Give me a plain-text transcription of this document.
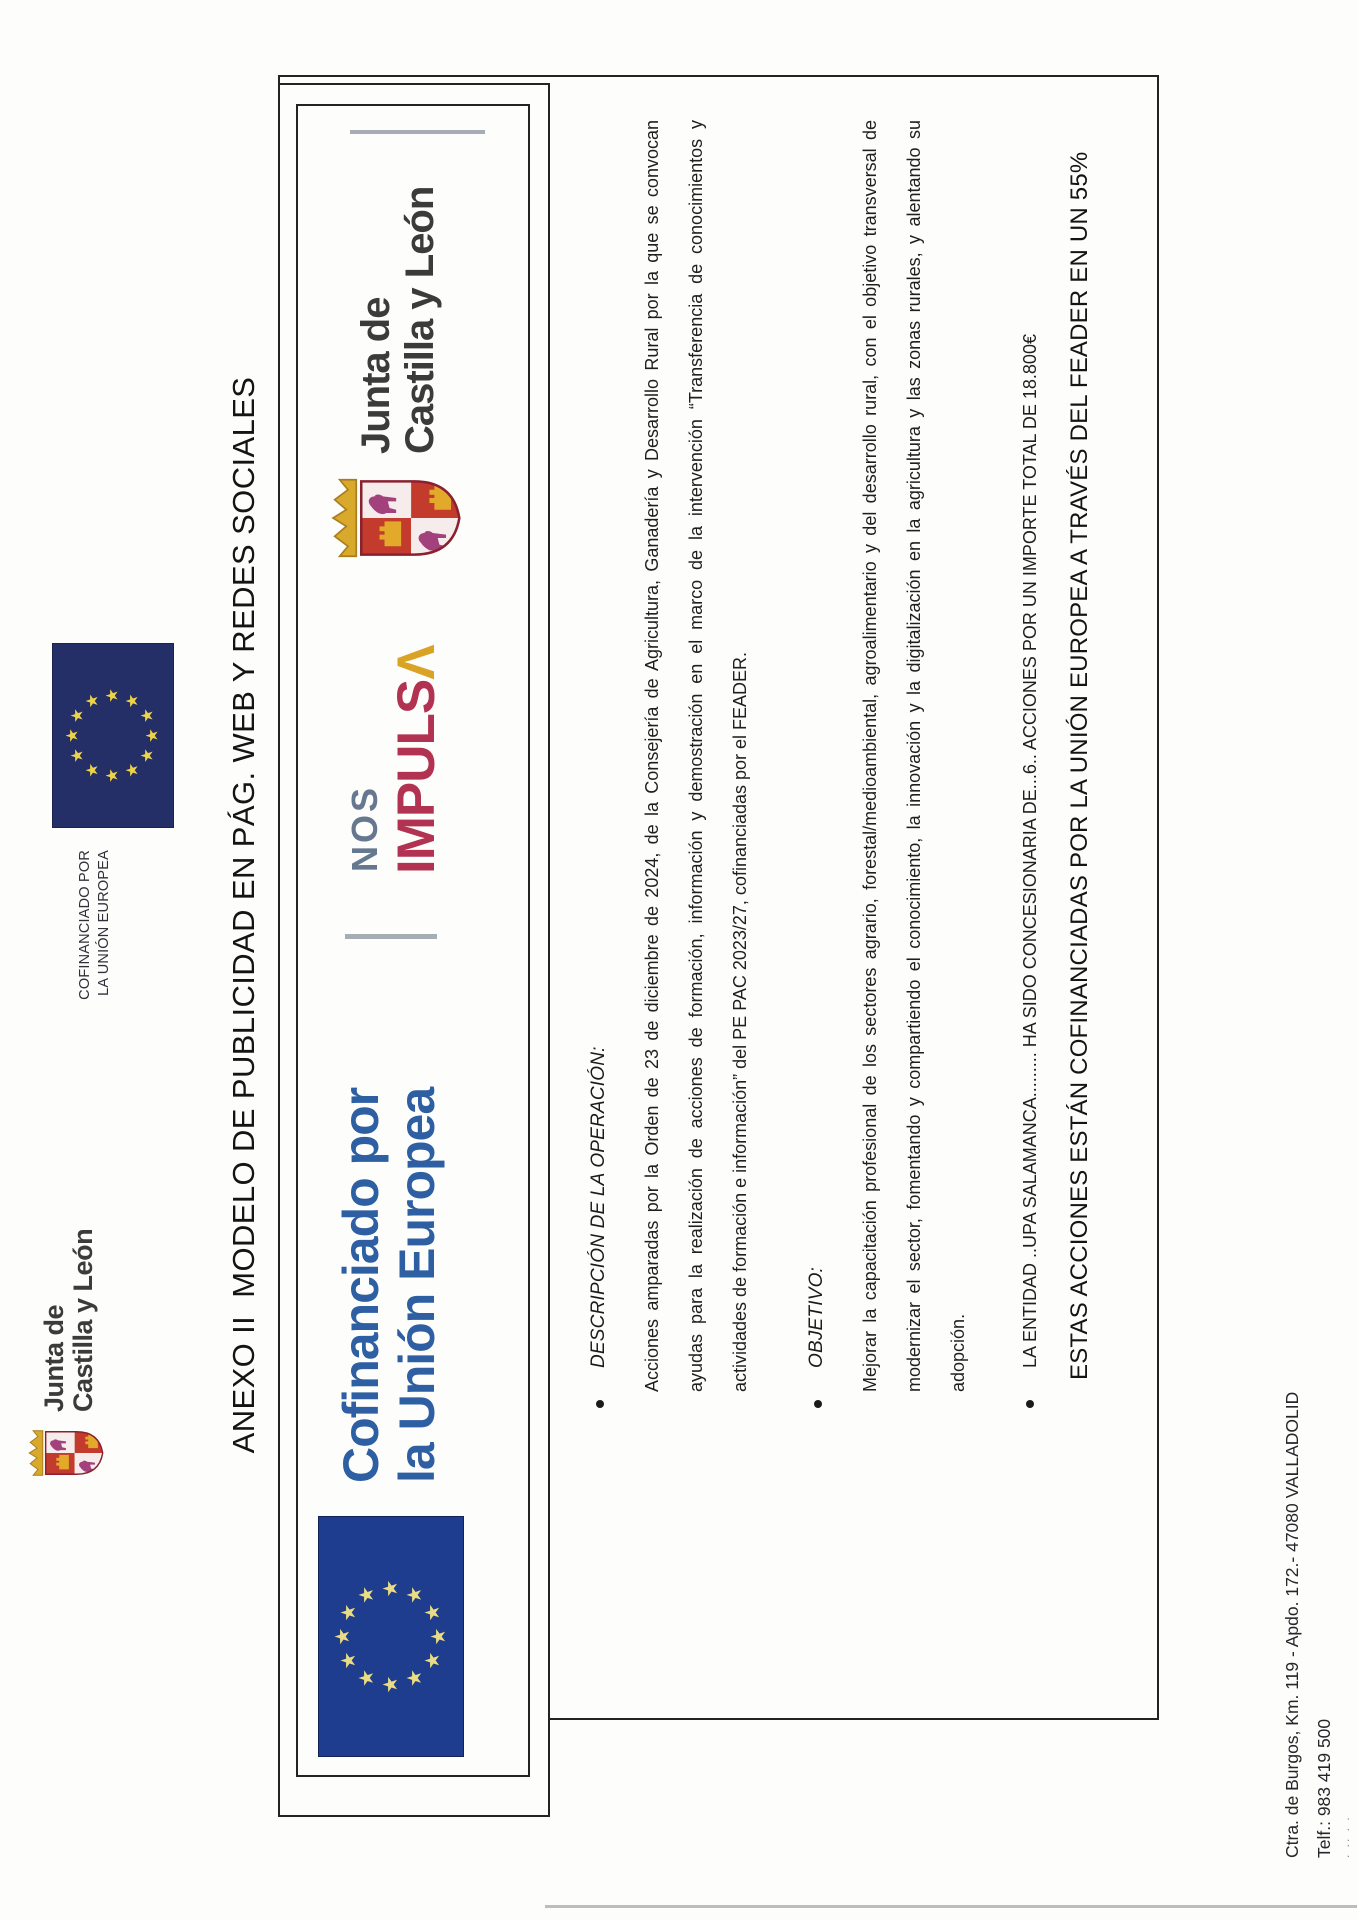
Junta de Castilla y León
COFINANCIADO POR LA UNIÓN EUROPEA
★
★
★ ★ ★
★
★
★
★
★
★
★	ANEXO II  MODELO DE PUBLICIDAD EN PÁG. WEB Y REDES SOCIALES
★
★
★ ★ ★
★
★
★
★
★
★
★
Cofinanciado por la Unión Europea
NOS IMPULSΛ
Junta de Castilla y León
DESCRIPCIÓN DE LA OPERACIÓN:	Acciones amparadas por la Orden de 23 de diciembre de 2024, de la Consejería de Agricultura, Ganadería y Desarrollo Rural por la que se convocan	ayudas para la realización de acciones de formación, información y demostración en el marco de la intervención “Transferencia de conocimientos y	actividades de formación e información” del PE PAC 2023/27, cofinanciadas por el FEADER.	OBJETIVO:	Mejorar la capacitación profesional de los sectores agrario, forestal/medioambiental, agroalimentario y del desarrollo rural, con el objetivo transversal de	modernizar el sector, fomentando y compartiendo el conocimiento, la innovación y la digitalización en la agricultura y las zonas rurales, y alentando su	adopción.	LA ENTIDAD ..UPA SALAMANCA......... HA SIDO CONCESIONARIA DE...6.. ACCIONES POR UN IMPORTE TOTAL DE 18.800€	ESTAS ACCIONES ESTÁN COFINANCIADAS POR LA UNIÓN EUROPEA A TRAVÉS DEL FEADER EN UN 55%
Ctra. de Burgos, Km. 119 - Apdo. 172.- 47080 VALLADOLID Telf.: 983 419 500 . .. . .
